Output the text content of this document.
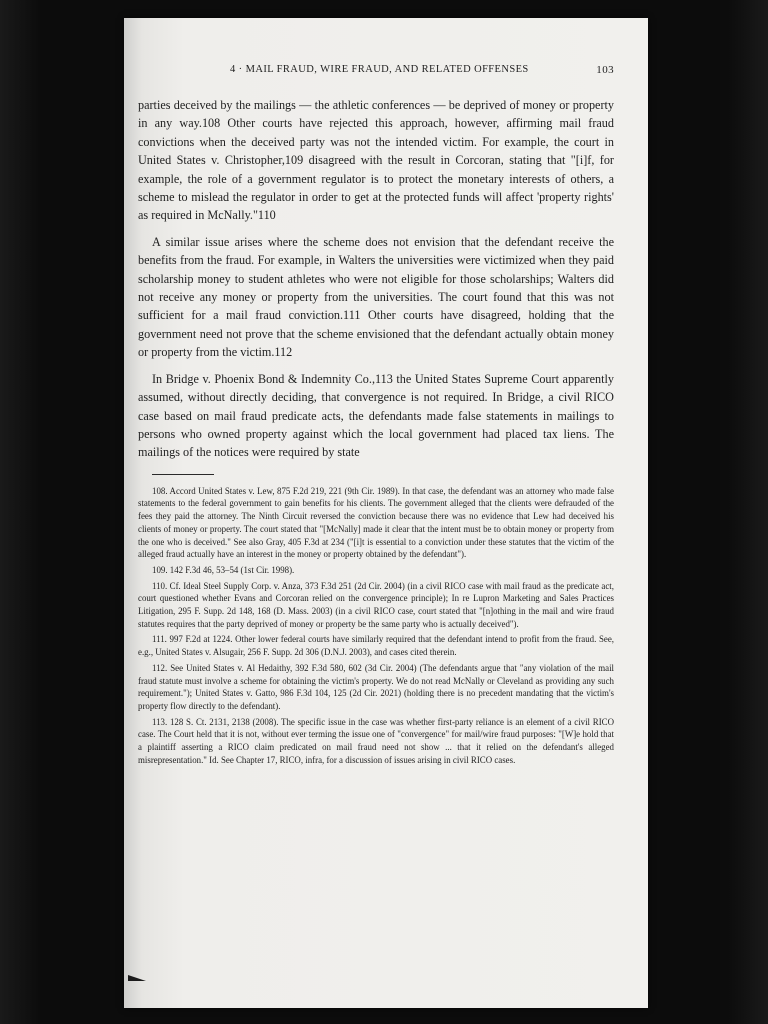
4 · MAIL FRAUD, WIRE FRAUD, AND RELATED OFFENSES	103

parties deceived by the mailings — the athletic conferences — be deprived of money or property in any way.108 Other courts have rejected this approach, however, affirming mail fraud convictions when the deceived party was not the intended victim. For example, the court in United States v. Christopher,109 disagreed with the result in Corcoran, stating that "[i]f, for example, the role of a government regulator is to protect the monetary interests of others, a scheme to mislead the regulator in order to get at the protected funds will affect 'property rights' as required in McNally."110

A similar issue arises where the scheme does not envision that the defendant receive the benefits from the fraud. For example, in Walters the universities were victimized when they paid scholarship money to student athletes who were not eligible for those scholarships; Walters did not receive any money or property from the universities. The court found that this was not sufficient for a mail fraud conviction.111 Other courts have disagreed, holding that the government need not prove that the scheme envisioned that the defendant actually obtain money or property from the victim.112

In Bridge v. Phoenix Bond & Indemnity Co.,113 the United States Supreme Court apparently assumed, without directly deciding, that convergence is not required. In Bridge, a civil RICO case based on mail fraud predicate acts, the defendants made false statements in mailings to persons who owned property against which the local government had placed tax liens. The mailings of the notices were required by state

108. Accord United States v. Lew, 875 F.2d 219, 221 (9th Cir. 1989). In that case, the defendant was an attorney who made false statements to the federal government to gain benefits for his clients. The government alleged that the clients were defrauded of the fees they paid the attorney. The Ninth Circuit reversed the conviction because there was no evidence that Lew had deceived his clients of money or property. The court stated that "[McNally] made it clear that the intent must be to obtain money or property from the one who is deceived." See also Gray, 405 F.3d at 234 ("[i]t is essential to a conviction under these statutes that the victim of the alleged fraud actually have an interest in the money or property obtained by the defendant").

109. 142 F.3d 46, 53–54 (1st Cir. 1998).

110. Cf. Ideal Steel Supply Corp. v. Anza, 373 F.3d 251 (2d Cir. 2004) (in a civil RICO case with mail fraud as the predicate act, court questioned whether Evans and Corcoran relied on the convergence principle); In re Lupron Marketing and Sales Practices Litigation, 295 F. Supp. 2d 148, 168 (D. Mass. 2003) (in a civil RICO case, court stated that "[n]othing in the mail and wire fraud statutes requires that the party deprived of money or property be the same party who is actually deceived").

111. 997 F.2d at 1224. Other lower federal courts have similarly required that the defendant intend to profit from the fraud. See, e.g., United States v. Alsugair, 256 F. Supp. 2d 306 (D.N.J. 2003), and cases cited therein.

112. See United States v. Al Hedaithy, 392 F.3d 580, 602 (3d Cir. 2004) (The defendants argue that "any violation of the mail fraud statute must involve a scheme for obtaining the victim's property. We do not read McNally or Cleveland as providing any such requirement."); United States v. Gatto, 986 F.3d 104, 125 (2d Cir. 2021) (holding there is no precedent mandating that the victim's property flow directly to the defendant).

113. 128 S. Ct. 2131, 2138 (2008). The specific issue in the case was whether first-party reliance is an element of a civil RICO case. The Court held that it is not, without ever terming the issue one of "convergence" for mail/wire fraud purposes: "[W]e hold that a plaintiff asserting a RICO claim predicated on mail fraud need not show ... that it relied on the defendant's alleged misrepresentation." Id. See Chapter 17, RICO, infra, for a discussion of issues arising in civil RICO cases.
